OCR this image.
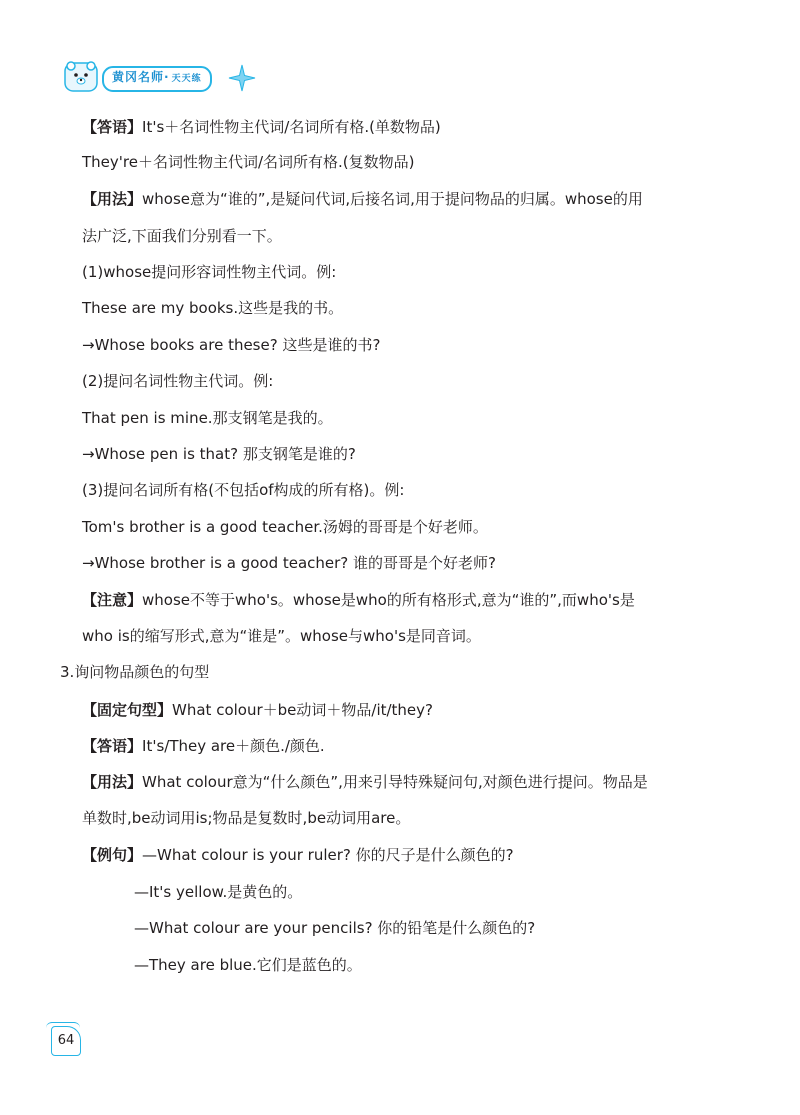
黄冈名师· 天天练
【答语】It's＋名词性物主代词/名词所有格.(单数物品)
They're＋名词性物主代词/名词所有格.(复数物品)
【用法】whose意为“谁的”,是疑问代词,后接名词,用于提问物品的归属。whose的用
法广泛,下面我们分别看一下。
(1)whose提问形容词性物主代词。例:
These are my books.这些是我的书。
→Whose books are these? 这些是谁的书?
(2)提问名词性物主代词。例:
That pen is mine.那支钢笔是我的。
→Whose pen is that? 那支钢笔是谁的?
(3)提问名词所有格(不包括of构成的所有格)。例:
Tom's brother is a good teacher.汤姆的哥哥是个好老师。
→Whose brother is a good teacher? 谁的哥哥是个好老师?
【注意】whose不等于who's。whose是who的所有格形式,意为“谁的”,而who's是
who is的缩写形式,意为“谁是”。whose与who's是同音词。
3.询问物品颜色的句型
【固定句型】What colour＋be动词＋物品/it/they?
【答语】It's/They are＋颜色./颜色.
【用法】What colour意为“什么颜色”,用来引导特殊疑问句,对颜色进行提问。物品是
单数时,be动词用is;物品是复数时,be动词用are。
【例句】—What colour is your ruler? 你的尺子是什么颜色的?
—It's yellow.是黄色的。
—What colour are your pencils? 你的铅笔是什么颜色的?
—They are blue.它们是蓝色的。
64
